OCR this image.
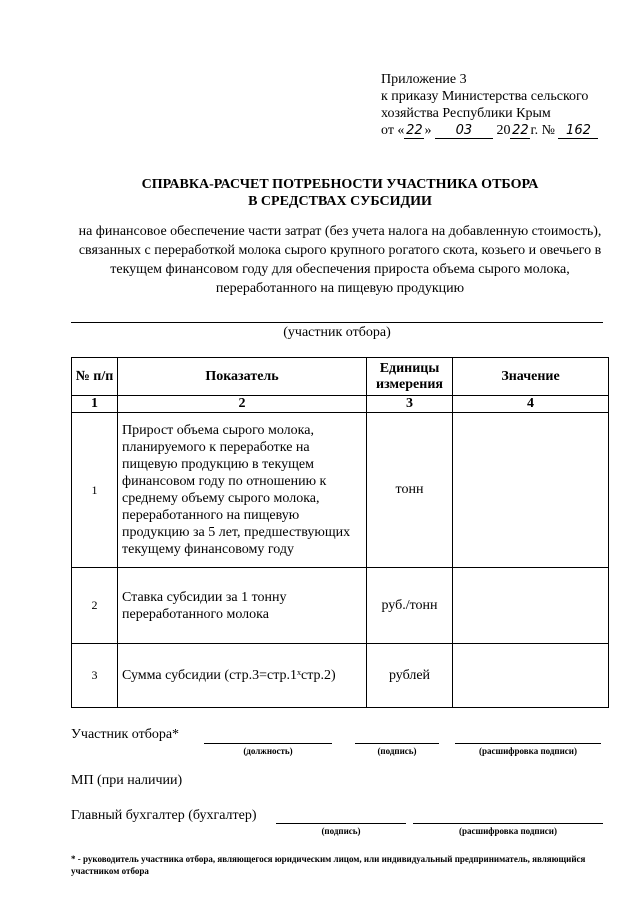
Приложение 3
к приказу Министерства сельского
хозяйства Республики Крым
от « 22 » 03 20 22 г. № 162
СПРАВКА-РАСЧЕТ ПОТРЕБНОСТИ УЧАСТНИКА ОТБОРА
В СРЕДСТВАХ СУБСИДИИ
на финансовое обеспечение части затрат (без учета налога на добавленную стоимость), связанных с переработкой молока сырого крупного рогатого скота, козьего и овечьего в текущем финансовом году для обеспечения прироста объема сырого молока, переработанного на пищевую продукцию
(участник отбора)
№ п/п	Показатель	Единицы измерения	Значение
1	2	3	4
1	Прирост объема сырого молока, планируемого к переработке на пищевую продукцию в текущем финансовом году по отношению к среднему объему сырого молока, переработанного на пищевую продукцию за 5 лет, предшествующих текущему финансовому году	тонн	
2	Ставка субсидии за 1 тонну переработанного молока	руб./тонн	
3	Сумма субсидии (стр.3=стр.1ˣстр.2)	рублей	
Участник отбора*
(должность)	(подпись)	(расшифровка подписи)
МП (при наличии)
Главный бухгалтер (бухгалтер)
(подпись)	(расшифровка подписи)
* - руководитель участника отбора, являющегося юридическим лицом, или индивидуальный предприниматель, являющийся участником отбора
